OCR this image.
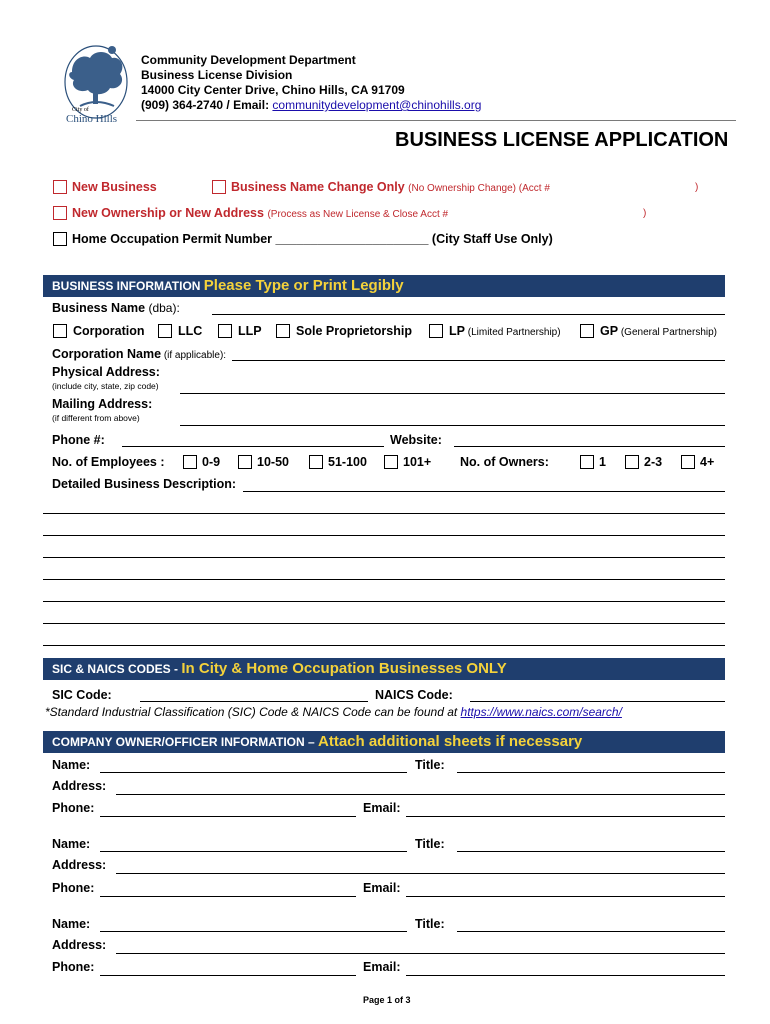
City of
Chino Hills
Community Development Department
Business License Division
14000 City Center Drive, Chino Hills, CA 91709
(909) 364-2740 / Email: communitydevelopment@chinohills.org
BUSINESS LICENSE APPLICATION
New Business	Business Name Change Only (No Ownership Change) (Acct #	)
New Ownership or New Address (Process as New License & Close Acct #	)
Home Occupation Permit Number ______________________ (City Staff Use Only)
BUSINESS INFORMATION Please Type or Print Legibly
Business Name (dba):
Corporation	LLC	LLP	Sole Proprietorship	LP (Limited Partnership)	GP (General Partnership)
Corporation Name (if applicable):
Physical Address:
(include city, state, zip code)
Mailing Address:
(if different from above)
Phone #:	Website:
No. of Employees :	0-9	10-50	51-100	101+ No. of Owners:	1	2-3	4+
Detailed Business Description:
SIC & NAICS CODES - In City & Home Occupation Businesses ONLY
SIC Code:	NAICS Code:
*Standard Industrial Classification (SIC) Code & NAICS Code can be found at https://www.naics.com/search/
COMPANY OWNER/OFFICER INFORMATION – Attach additional sheets if necessary
Name:	Title:
Address:
Phone:	Email:
Name:	Title:
Address:
Phone:	Email:
Name:	Title:
Address:
Phone:	Email:
Page 1 of 3
